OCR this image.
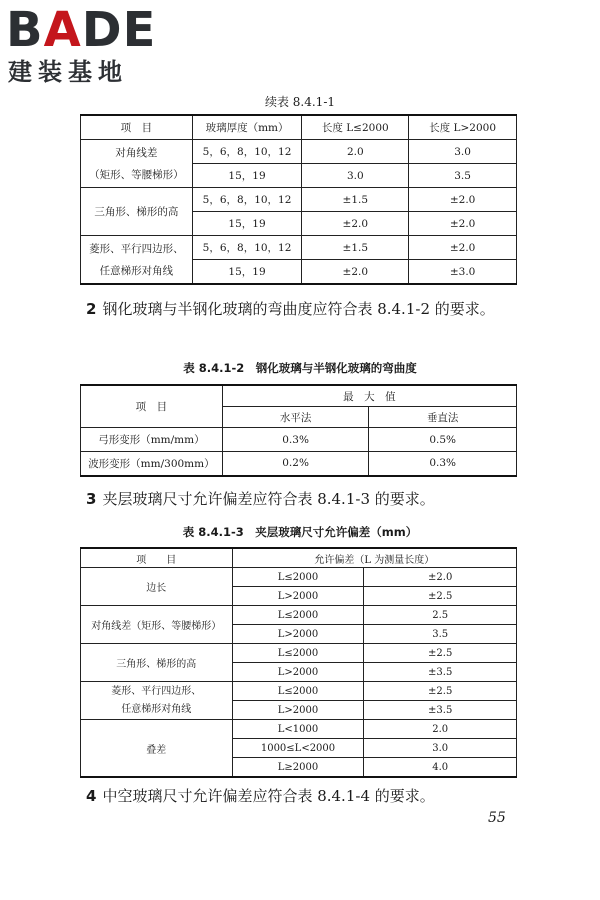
BADE
建装基地
续表 8.4.1-1
项　目	玻璃厚度（mm）	长度 L≤2000	长度 L>2000
对角线差
（矩形、等腰梯形）	5，6，8，10，12	2.0	3.0
	15，19	3.0	3.5
三角形、梯形的高	5，6，8，10，12	±1.5	±2.0
	15，19	±2.0	±2.0
菱形、平行四边形、
任意梯形对角线	5，6，8，10，12	±1.5	±2.0
	15，19	±2.0	±3.0
2 钢化玻璃与半钢化玻璃的弯曲度应符合表 8.4.1-2 的要求。
表 8.4.1-2　钢化玻璃与半钢化玻璃的弯曲度
项　目	最　大　值	
	水平法	垂直法
弓形变形（mm/mm）	0.3%	0.5%
波形变形（mm/300mm）	0.2%	0.3%
3 夹层玻璃尺寸允许偏差应符合表 8.4.1-3 的要求。
表 8.4.1-3　夹层玻璃尺寸允许偏差（mm）
项　　目	允许偏差（L 为测量长度）	
边长	L≤2000	±2.0
	L>2000	±2.5
对角线差（矩形、等腰梯形）	L≤2000	2.5
	L>2000	3.5
三角形、梯形的高	L≤2000	±2.5
	L>2000	±3.5
菱形、平行四边形、
任意梯形对角线	L≤2000	±2.5
	L>2000	±3.5
叠差	L<1000	2.0
	1000≤L<2000	3.0
	L≥2000	4.0
4 中空玻璃尺寸允许偏差应符合表 8.4.1-4 的要求。
55
